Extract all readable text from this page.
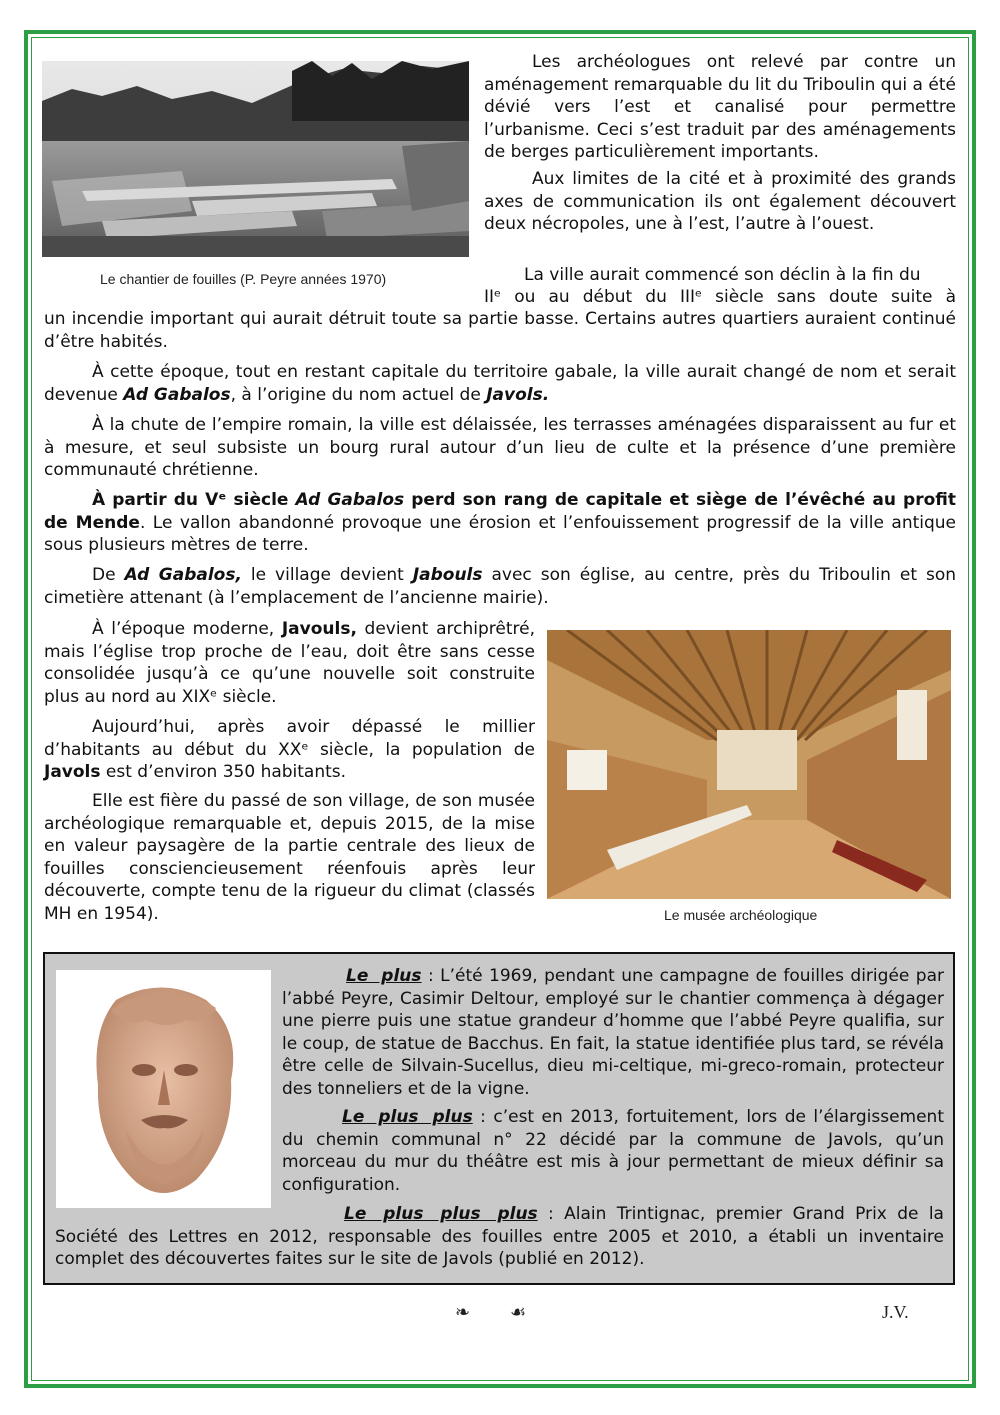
Le chantier de fouilles (P. Peyre années 1970)
Les archéologues ont relevé par contre un aménagement remarquable du lit du Triboulin qui a été dévié vers l’est et canalisé pour permettre l’urbanisme. Ceci s’est traduit par des aménagements de berges particulièrement importants.
Aux limites de la cité et à proximité des grands axes de communication ils ont également découvert deux nécropoles, une à l’est, l’autre à l’ouest.
La ville aurait commencé son déclin à la fin du
IIᵉ ou au début du IIIᵉ siècle sans doute suite à
un incendie important qui aurait détruit toute sa partie basse. Certains autres quartiers auraient continué d’être habités.
À cette époque, tout en restant capitale du territoire gabale, la ville aurait changé de nom et serait devenue Ad Gabalos, à l’origine du nom actuel de Javols.
À la chute de l’empire romain, la ville est délaissée, les terrasses aménagées disparaissent au fur et à mesure, et seul subsiste un bourg rural autour d’un lieu de culte et la présence d’une première communauté chrétienne.
À partir du Vᵉ siècle Ad Gabalos perd son rang de capitale et siège de l’évêché au profit de Mende. Le vallon abandonné provoque une érosion et l’enfouissement progressif de la ville antique sous plusieurs mètres de terre.
De Ad Gabalos, le village devient Jabouls avec son église, au centre, près du Triboulin et son cimetière attenant (à l’emplacement de l’ancienne mairie).
À l’époque moderne, Javouls, devient archiprêtré, mais l’église trop proche de l’eau, doit être sans cesse consolidée jusqu’à ce qu’une nouvelle soit construite plus au nord au XIXᵉ siècle.
Aujourd’hui, après avoir dépassé le millier d’habitants au début du XXᵉ siècle, la population de Javols est d’environ 350 habitants.
Elle est fière du passé de son village, de son musée archéologique remarquable et, depuis 2015, de la mise en valeur paysagère de la partie centrale des lieux de fouilles consciencieusement réenfouis après leur découverte, compte tenu de la rigueur du climat (classés MH en 1954).	Le musée archéologique
Le plus : L’été 1969, pendant une campagne de fouilles dirigée par l’abbé Peyre, Casimir Deltour, employé sur le chantier commença à dégager une pierre puis une statue grandeur d’homme que l’abbé Peyre qualifia, sur le coup, de statue de Bacchus. En fait, la statue identifiée plus tard, se révéla être celle de Silvain-Sucellus, dieu mi-celtique, mi-greco-romain, protecteur des tonneliers et de la vigne.
Le plus plus : c’est en 2013, fortuitement, lors de l’élargissement du chemin communal n° 22 décidé par la commune de Javols, qu’un morceau du mur du théâtre est mis à jour permettant de mieux définir sa configuration.
Le plus plus plus : Alain Trintignac, premier Grand Prix de la Société des Lettres en 2012, responsable des fouilles entre 2005 et 2010, a établi un inventaire complet des découvertes faites sur le site de Javols (publié en 2012).
❧ ☙	J.V.
